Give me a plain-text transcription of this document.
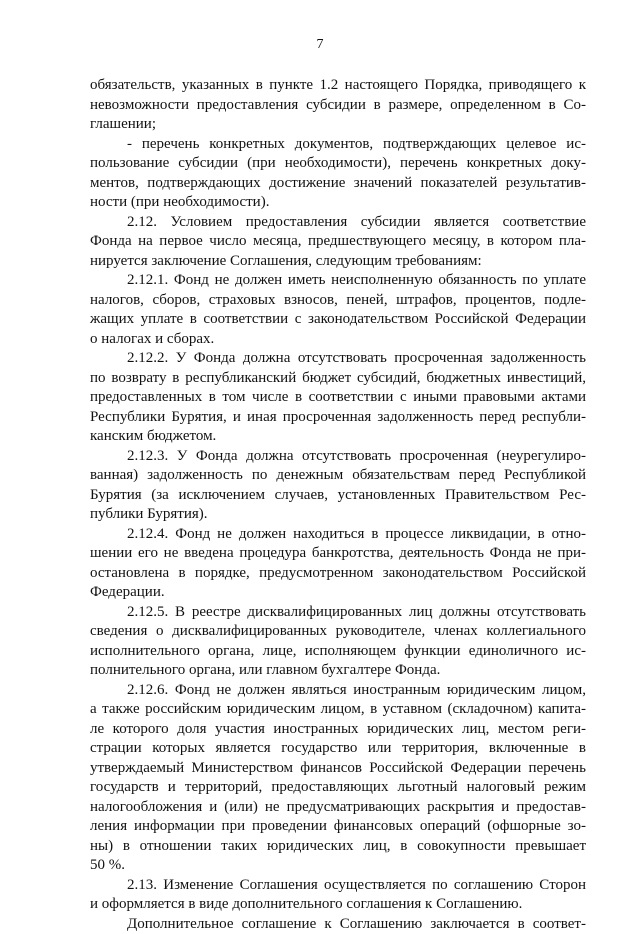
7
обязательств, указанных в пункте 1.2 настоящего Порядка, приводящего к
невозможности предоставления субсидии в размере, определенном в Со-
глашении;
- перечень конкретных документов, подтверждающих целевое ис-
пользование субсидии (при необходимости), перечень конкретных доку-
ментов, подтверждающих достижение значений показателей результатив-
ности (при необходимости).
2.12. Условием предоставления субсидии является соответствие
Фонда на первое число месяца, предшествующего месяцу, в котором пла-
нируется заключение Соглашения, следующим требованиям:
2.12.1. Фонд не должен иметь неисполненную обязанность по уплате
налогов, сборов, страховых взносов, пеней, штрафов, процентов, подле-
жащих уплате в соответствии с законодательством Российской Федерации
о налогах и сборах.
2.12.2. У Фонда должна отсутствовать просроченная задолженность
по возврату в республиканский бюджет субсидий, бюджетных инвестиций,
предоставленных в том числе в соответствии с иными правовыми актами
Республики Бурятия, и иная просроченная задолженность перед республи-
канским бюджетом.
2.12.3. У Фонда должна отсутствовать просроченная (неурегулиро-
ванная) задолженность по денежным обязательствам перед Республикой
Бурятия (за исключением случаев, установленных Правительством Рес-
публики Бурятия).
2.12.4. Фонд не должен находиться в процессе ликвидации, в отно-
шении его не введена процедура банкротства, деятельность Фонда не при-
остановлена в порядке, предусмотренном законодательством Российской
Федерации.
2.12.5. В реестре дисквалифицированных лиц должны отсутствовать
сведения о дисквалифицированных руководителе, членах коллегиального
исполнительного органа, лице, исполняющем функции единоличного ис-
полнительного органа, или главном бухгалтере Фонда.
2.12.6. Фонд не должен являться иностранным юридическим лицом,
а также российским юридическим лицом, в уставном (складочном) капита-
ле которого доля участия иностранных юридических лиц, местом реги-
страции которых является государство или территория, включенные в
утверждаемый Министерством финансов Российской Федерации перечень
государств и территорий, предоставляющих льготный налоговый режим
налогообложения и (или) не предусматривающих раскрытия и предостав-
ления информации при проведении финансовых операций (офшорные зо-
ны) в отношении таких юридических лиц, в совокупности превышает
50 %.
2.13. Изменение Соглашения осуществляется по соглашению Сторон
и оформляется в виде дополнительного соглашения к Соглашению.
Дополнительное соглашение к Соглашению заключается в соответ-
